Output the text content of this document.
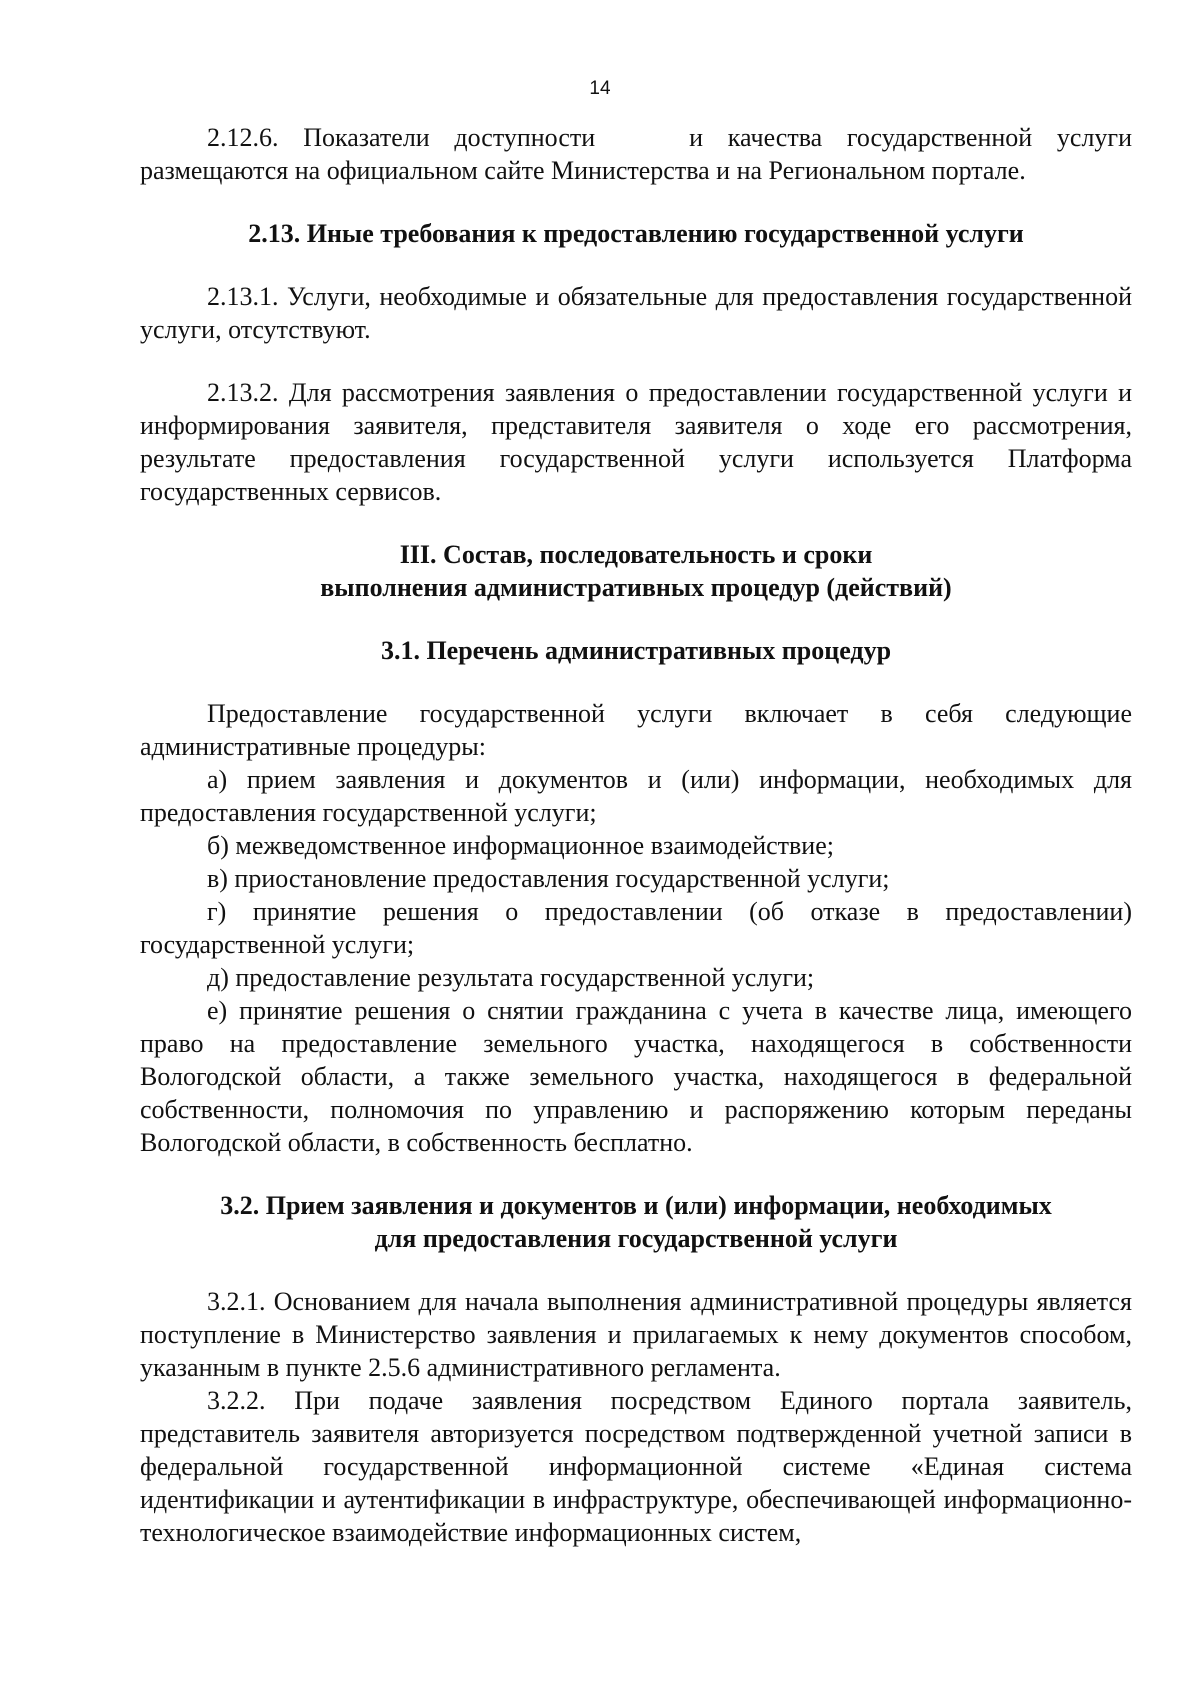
14

2.12.6. Показатели доступности	и качества государственной услуги размещаются на официальном сайте Министерства и на Региональном портале.

2.13. Иные требования к предоставлению государственной услуги

2.13.1. Услуги, необходимые и обязательные для предоставления государственной услуги, отсутствуют.

2.13.2. Для рассмотрения заявления о предоставлении государственной услуги и информирования заявителя, представителя заявителя о ходе его рассмотрения, результате предоставления государственной услуги используется Платформа государственных сервисов.

III. Состав, последовательность и сроки
выполнения административных процедур (действий)
3.1. Перечень административных процедур

Предоставление государственной услуги включает в себя следующие административные процедуры:

а) прием заявления и документов и (или) информации, необходимых для предоставления государственной услуги;

б) межведомственное информационное взаимодействие;

в) приостановление предоставления государственной услуги;

г) принятие решения о предоставлении (об отказе в предоставлении) государственной услуги;

д) предоставление результата государственной услуги;

е) принятие решения о снятии гражданина с учета в качестве лица, имеющего право на предоставление земельного участка, находящегося в собственности Вологодской области, а также земельного участка, находящегося в федеральной собственности, полномочия по управлению и распоряжению которым переданы Вологодской области, в собственность бесплатно.

3.2. Прием заявления и документов и (или) информации, необходимых
для предоставления государственной услуги

3.2.1. Основанием для начала выполнения административной процедуры является поступление в Министерство заявления и прилагаемых к нему документов способом, указанным в пункте 2.5.6 административного регламента.

3.2.2. При подаче заявления посредством Единого портала заявитель, представитель заявителя авторизуется посредством подтвержденной учетной записи в федеральной государственной информационной системе «Единая система идентификации и аутентификации в инфраструктуре, обеспечивающей информационно-технологическое взаимодействие информационных систем,
